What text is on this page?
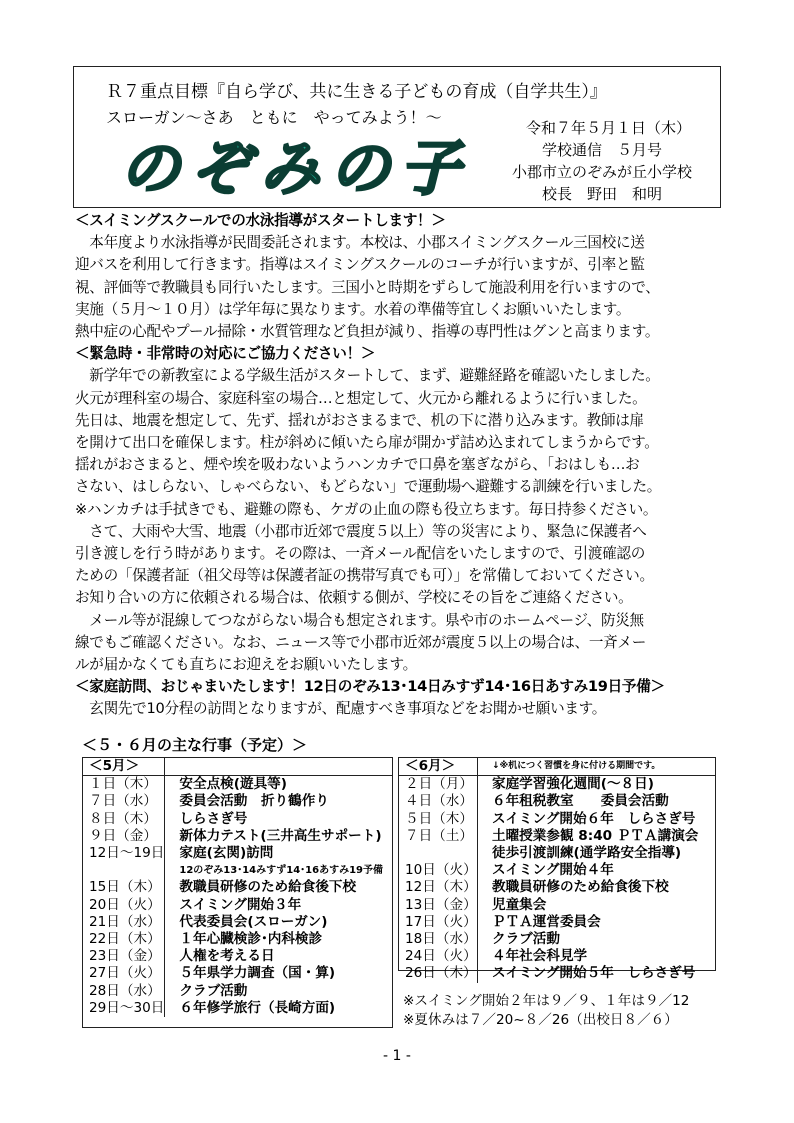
Ｒ７重点目標『自ら学び、共に生きる子どもの育成（自学共生）』
スローガン～さあ　ともに　やってみよう！～
のぞみの子
令和７年５月１日（木）
学校通信　５月号
小郡市立のぞみが丘小学校
校長　野田　和明

＜スイミングスクールでの水泳指導がスタートします！＞

　本年度より水泳指導が民間委託されます。本校は、小郡スイミングスクール三国校に送

迎バスを利用して行きます。指導はスイミングスクールのコーチが行いますが、引率と監

視、評価等で教職員も同行いたします。三国小と時期をずらして施設利用を行いますので、

実施（５月～１０月）は学年毎に異なります。水着の準備等宜しくお願いいたします。

熱中症の心配やプール掃除・水質管理など負担が減り、指導の専門性はグンと高まります。

＜緊急時・非常時の対応にご協力ください！＞

　新学年での新教室による学級生活がスタートして、まず、避難経路を確認いたしました。

火元が理科室の場合、家庭科室の場合…と想定して、火元から離れるように行いました。

先日は、地震を想定して、先ず、揺れがおさまるまで、机の下に潜り込みます。教師は扉

を開けて出口を確保します。柱が斜めに傾いたら扉が開かず詰め込まれてしまうからです。

揺れがおさまると、煙や埃を吸わないようハンカチで口鼻を塞ぎながら、「おはしも…お

さない、はしらない、しゃべらない、もどらない」で運動場へ避難する訓練を行いました。

※ハンカチは手拭きでも、避難の際も、ケガの止血の際も役立ちます。毎日持参ください。

　さて、大雨や大雪、地震（小郡市近郊で震度５以上）等の災害により、緊急に保護者へ

引き渡しを行う時があります。その際は、一斉メール配信をいたしますので、引渡確認の

ための「保護者証（祖父母等は保護者証の携帯写真でも可）」を常備しておいてください。

お知り合いの方に依頼される場合は、依頼する側が、学校にその旨をご連絡ください。

　メール等が混線してつながらない場合も想定されます。県や市のホームページ、防災無

線でもご確認ください。なお、ニュース等で小郡市近郊が震度５以上の場合は、一斉メー

ルが届かなくても直ちにお迎えをお願いいたします。

＜家庭訪問、おじゃまいたします！12日のぞみ13･14日みすず14･16日あすみ19日予備＞

　玄関先で10分程の訪問となりますが、配慮すべき事項などをお聞かせ願います。

＜５・６月の主な行事（予定）＞
＜5月＞	
１日（木）	安全点検(遊具等)
７日（水）	委員会活動　折り鶴作り
８日（木）	しらさぎ号
９日（金）	新体力テスト(三井高生サポート)
12日～19日	家庭(玄関)訪問
	12のぞみ13･14みすず14･16あすみ19予備
15日（木）	教職員研修のため給食後下校
20日（火）	スイミング開始３年
21日（水）	代表委員会(スローガン)
22日（木）	１年心臓検診･内科検診
23日（金）	人権を考える日
27日（火）	５年県学力調査（国・算)
28日（水）	クラブ活動
29日～30日	６年修学旅行（長崎方面)
＜6月＞	↓※机につく習慣を身に付ける期間です。
２日（月）	家庭学習強化週間(～８日)
４日（水）	６年租税教室　　委員会活動
５日（木）	スイミング開始６年　しらさぎ号
７日（土）	土曜授業参観 8:40 ＰＴＡ講演会
	徒歩引渡訓練(通学路安全指導)
10日（火）	スイミング開始４年
12日（木）	教職員研修のため給食後下校
13日（金）	児童集会
17日（火）	ＰＴＡ運営委員会
18日（水）	クラブ活動
24日（火）	４年社会科見学
26日（木）	スイミング開始５年　しらさぎ号
※スイミング開始２年は９／９、１年は９／12
※夏休みは７／20~８／26（出校日８／６）
- 1 -
